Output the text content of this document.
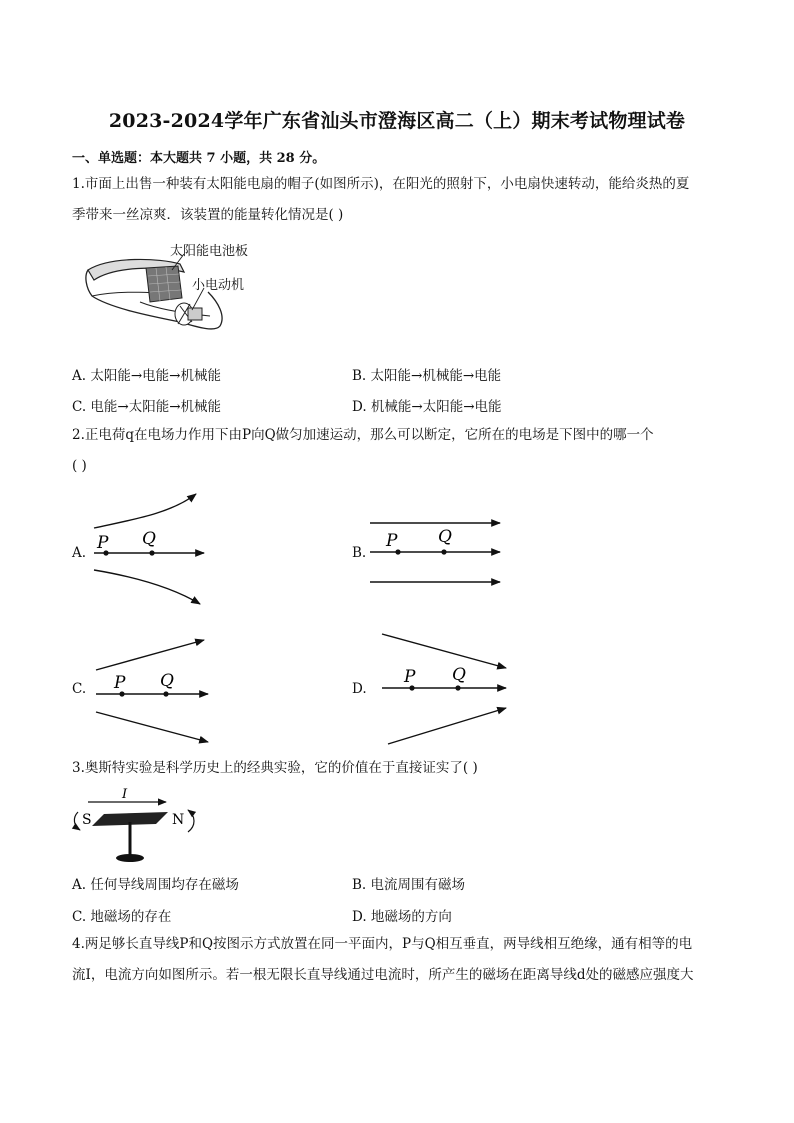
2023-2024学年广东省汕头市澄海区高二（上）期末考试物理试卷
一、单选题：本大题共 7 小题，共 28 分。
1.市面上出售一种装有太阳能电扇的帽子(如图所示)，在阳光的照射下，小电扇快速转动，能给炎热的夏
季带来一丝凉爽．该装置的能量转化情况是( )
太阳能电池板
小电动机
A. 太阳能→电能→机械能	B. 太阳能→机械能→电能
C. 电能→太阳能→机械能	D. 机械能→太阳能→电能
2.正电荷q在电场力作用下由P向Q做匀加速运动，那么可以断定，它所在的电场是下图中的哪一个
( )
A. P Q
B.
P Q
C. P Q	D.
P Q
3.奥斯特实验是科学历史上的经典实验，它的价值在于直接证实了( )
I
S	N
A. 任何导线周围均存在磁场	B. 电流周围有磁场
C. 地磁场的存在	D. 地磁场的方向
4.两足够长直导线P和Q按图示方式放置在同一平面内，P与Q相互垂直，两导线相互绝缘，通有相等的电
流I，电流方向如图所示。若一根无限长直导线通过电流时，所产生的磁场在距离导线d处的磁感应强度大
